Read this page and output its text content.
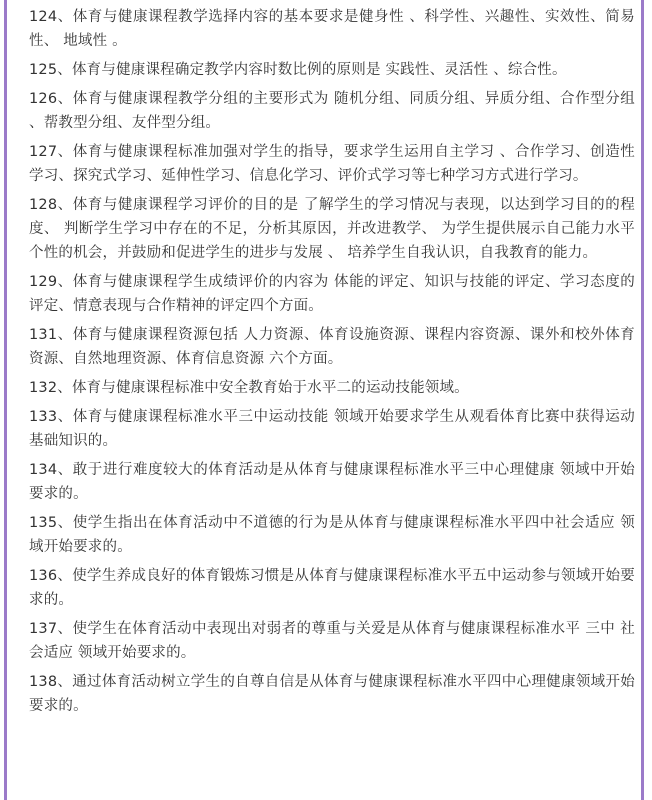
124、体育与健康课程教学选择内容的基本要求是健身性 、科学性、兴趣性、实效性、简易性、 地域性 。

125、体育与健康课程确定教学内容时数比例的原则是 实践性、灵活性 、综合性。

126、体育与健康课程教学分组的主要形式为 随机分组、同质分组、异质分组、合作型分组 、帮教型分组、友伴型分组。

127、体育与健康课程标准加强对学生的指导，要求学生运用自主学习 、合作学习、创造性学习、探究式学习、延伸性学习、信息化学习、评价式学习等七种学习方式进行学习。

128、体育与健康课程学习评价的目的是 了解学生的学习情况与表现，以达到学习目的的程度、 判断学生学习中存在的不足，分析其原因，并改进教学、 为学生提供展示自己能力水平个性的机会，并鼓励和促进学生的进步与发展 、 培养学生自我认识，自我教育的能力。

129、体育与健康课程学生成绩评价的内容为 体能的评定、知识与技能的评定、学习态度的评定、情意表现与合作精神的评定四个方面。

131、体育与健康课程资源包括 人力资源、体育设施资源、课程内容资源、课外和校外体育资源、自然地理资源、体育信息资源 六个方面。

132、体育与健康课程标准中安全教育始于水平二的运动技能领域。

133、体育与健康课程标准水平三中运动技能 领域开始要求学生从观看体育比赛中获得运动基础知识的。

134、敢于进行难度较大的体育活动是从体育与健康课程标准水平三中心理健康 领域中开始要求的。

135、使学生指出在体育活动中不道德的行为是从体育与健康课程标准水平四中社会适应 领域开始要求的。

136、使学生养成良好的体育锻炼习惯是从体育与健康课程标准水平五中运动参与领域开始要求的。

137、使学生在体育活动中表现出对弱者的尊重与关爱是从体育与健康课程标准水平 三中 社会适应 领域开始要求的。

138、通过体育活动树立学生的自尊自信是从体育与健康课程标准水平四中心理健康领域开始要求的。
